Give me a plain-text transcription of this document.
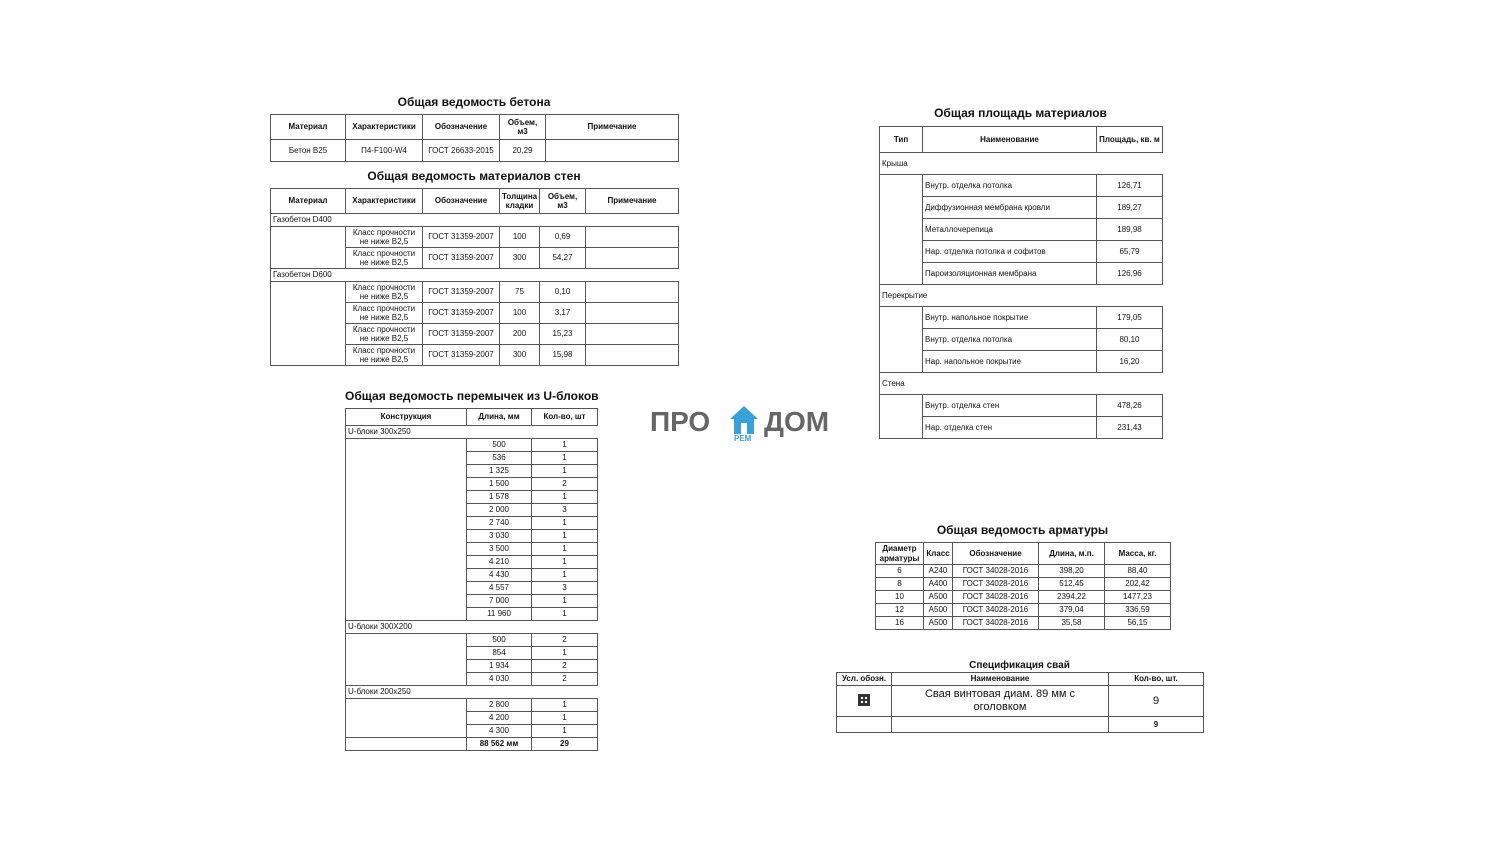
Общая ведомость бетона
Материал	Характеристики	Обозначение	Объем, м3	Примечание
Бетон B25	П4-F100-W4	ГОСТ 26633-2015	20,29	
Общая ведомость материалов стен
Материал	Характеристики	Обозначение	Толщина кладки	Объем, м3	Примечание
Газобетон D400					
	Класс прочности не ниже В2,5	ГОСТ 31359-2007	100	0,69	
	Класс прочности не ниже В2,5	ГОСТ 31359-2007	300	54,27	
Газобетон D600					
	Класс прочности не ниже В2,5	ГОСТ 31359-2007	75	0,10	
	Класс прочности не ниже В2,5	ГОСТ 31359-2007	100	3,17	
	Класс прочности не ниже В2,5	ГОСТ 31359-2007	200	15,23	
	Класс прочности не ниже В2,5	ГОСТ 31359-2007	300	15,98	
Общая ведомость перемычек из U-блоков
Конструкция	Длина, мм	Кол-во, шт
U-блоки 300х250		
	500	1
	536	1
	1 325	1
	1 500	2
	1 578	1
	2 000	3
	2 740	1
	3 030	1
	3 500	1
	4 210	1
	4 430	1
	4 557	3
	7 000	1
	11 960	1
U-блоки 300Х200		
	500	2
	854	1
	1 934	2
	4 030	2
U-блоки 200х250		
	2 800	1
	4 200	1
	4 300	1
	88 562 мм	29
ПРО
РЕМ
ДОМ
Общая площадь материалов
Тип	Наименование	Площадь, кв. м
Крыша		
	Внутр. отделка потолка	126,71
	Диффузионная мембрана кровли	189,27
	Металлочерепица	189,98
	Нар. отделка потолка и софитов	65,79
	Пароизоляционная мембрана	126,96
Перекрытие		
	Внутр. напольное покрытие	179,05
	Внутр. отделка потолка	80,10
	Нар. напольное покрытие	16,20
Стена		
	Внутр. отделка стен	478,26
	Нар. отделка стен	231,43
Общая ведомость арматуры
Диаметр арматуры	Класс	Обозначение	Длина, м.п.	Масса, кг.
6	A240	ГОСТ 34028-2016	398,20	88,40
8	A400	ГОСТ 34028-2016	512,45	202,42
10	A500	ГОСТ 34028-2016	2394,22	1477,23
12	A500	ГОСТ 34028-2016	379,04	336,59
16	A500	ГОСТ 34028-2016	35,58	56,15
Спецификация свай
Усл. обозн.	Наименование	Кол-во, шт.
	Свая винтовая диам. 89 мм с оголовком	9
		9
